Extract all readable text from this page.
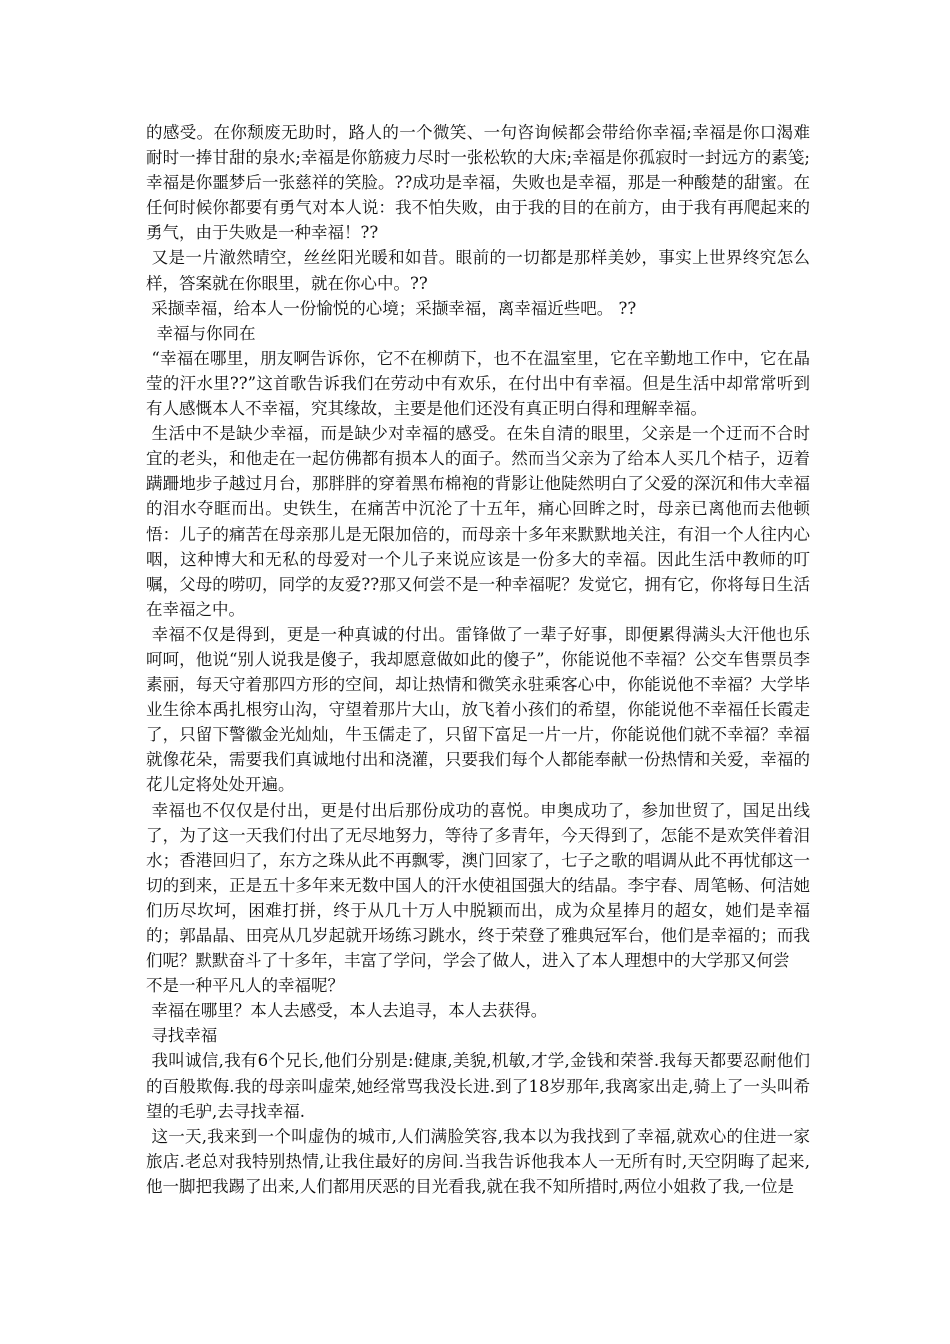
的感受。在你颓废无助时，路人的一个微笑、一句咨询候都会带给你幸福;幸福是你口渴难耐时一捧甘甜的泉水;幸福是你筋疲力尽时一张松软的大床;幸福是你孤寂时一封远方的素笺;幸福是你噩梦后一张慈祥的笑脸。??成功是幸福，失败也是幸福，那是一种酸楚的甜蜜。在任何时候你都要有勇气对本人说：我不怕失败，由于我的目的在前方，由于我有再爬起来的勇气，由于失败是一种幸福！??

又是一片澈然晴空，丝丝阳光暖和如昔。眼前的一切都是那样美妙，事实上世界终究怎么样，答案就在你眼里，就在你心中。??

采撷幸福，给本人一份愉悦的心境；采撷幸福，离幸福近些吧。 ??

幸福与你同在

“幸福在哪里，朋友啊告诉你，它不在柳荫下，也不在温室里，它在辛勤地工作中，它在晶莹的汗水里??”这首歌告诉我们在劳动中有欢乐，在付出中有幸福。但是生活中却常常听到有人感慨本人不幸福，究其缘故，主要是他们还没有真正明白得和理解幸福。

生活中不是缺少幸福，而是缺少对幸福的感受。在朱自清的眼里，父亲是一个迂而不合时宜的老头，和他走在一起仿佛都有损本人的面子。然而当父亲为了给本人买几个桔子，迈着蹒跚地步子越过月台，那胖胖的穿着黑布棉袍的背影让他陡然明白了父爱的深沉和伟大幸福的泪水夺眶而出。史铁生，在痛苦中沉沦了十五年，痛心回眸之时，母亲已离他而去他顿悟：儿子的痛苦在母亲那儿是无限加倍的，而母亲十多年来默默地关注，有泪一个人往内心咽，这种博大和无私的母爱对一个儿子来说应该是一份多大的幸福。因此生活中教师的叮嘱，父母的唠叨，同学的友爱??那又何尝不是一种幸福呢？发觉它，拥有它，你将每日生活在幸福之中。

幸福不仅是得到，更是一种真诚的付出。雷锋做了一辈子好事，即便累得满头大汗他也乐呵呵，他说“别人说我是傻子，我却愿意做如此的傻子”，你能说他不幸福？公交车售票员李素丽，每天守着那四方形的空间，却让热情和微笑永驻乘客心中，你能说他不幸福？大学毕业生徐本禹扎根穷山沟，守望着那片大山，放飞着小孩们的希望，你能说他不幸福任长霞走了，只留下警徽金光灿灿，牛玉儒走了，只留下富足一片一片，你能说他们就不幸福？幸福就像花朵，需要我们真诚地付出和浇灌，只要我们每个人都能奉献一份热情和关爱，幸福的花儿定将处处开遍。

幸福也不仅仅是付出，更是付出后那份成功的喜悦。申奥成功了，参加世贸了，国足出线了，为了这一天我们付出了无尽地努力，等待了多青年，今天得到了，怎能不是欢笑伴着泪水；香港回归了，东方之珠从此不再飘零，澳门回家了，七子之歌的唱调从此不再忧郁这一切的到来，正是五十多年来无数中国人的汗水使祖国强大的结晶。李宇春、周笔畅、何洁她们历尽坎坷，困难打拼，终于从几十万人中脱颖而出，成为众星捧月的超女，她们是幸福的；郭晶晶、田亮从几岁起就开场练习跳水，终于荣登了雅典冠军台，他们是幸福的；而我们呢？默默奋斗了十多年，丰富了学问，学会了做人，进入了本人理想中的大学那又何尝

不是一种平凡人的幸福呢？

幸福在哪里？本人去感受，本人去追寻，本人去获得。

寻找幸福

我叫诚信,我有6个兄长,他们分别是:健康,美貌,机敏,才学,金钱和荣誉.我每天都要忍耐他们的百般欺侮.我的母亲叫虚荣,她经常骂我没长进.到了18岁那年,我离家出走,骑上了一头叫希望的毛驴,去寻找幸福.

这一天,我来到一个叫虚伪的城市,人们满脸笑容,我本以为我找到了幸福,就欢心的住进一家旅店.老总对我特别热情,让我住最好的房间.当我告诉他我本人一无所有时,天空阴晦了起来,他一脚把我踢了出来,人们都用厌恶的目光看我,就在我不知所措时,两位小姐救了我,一位是
